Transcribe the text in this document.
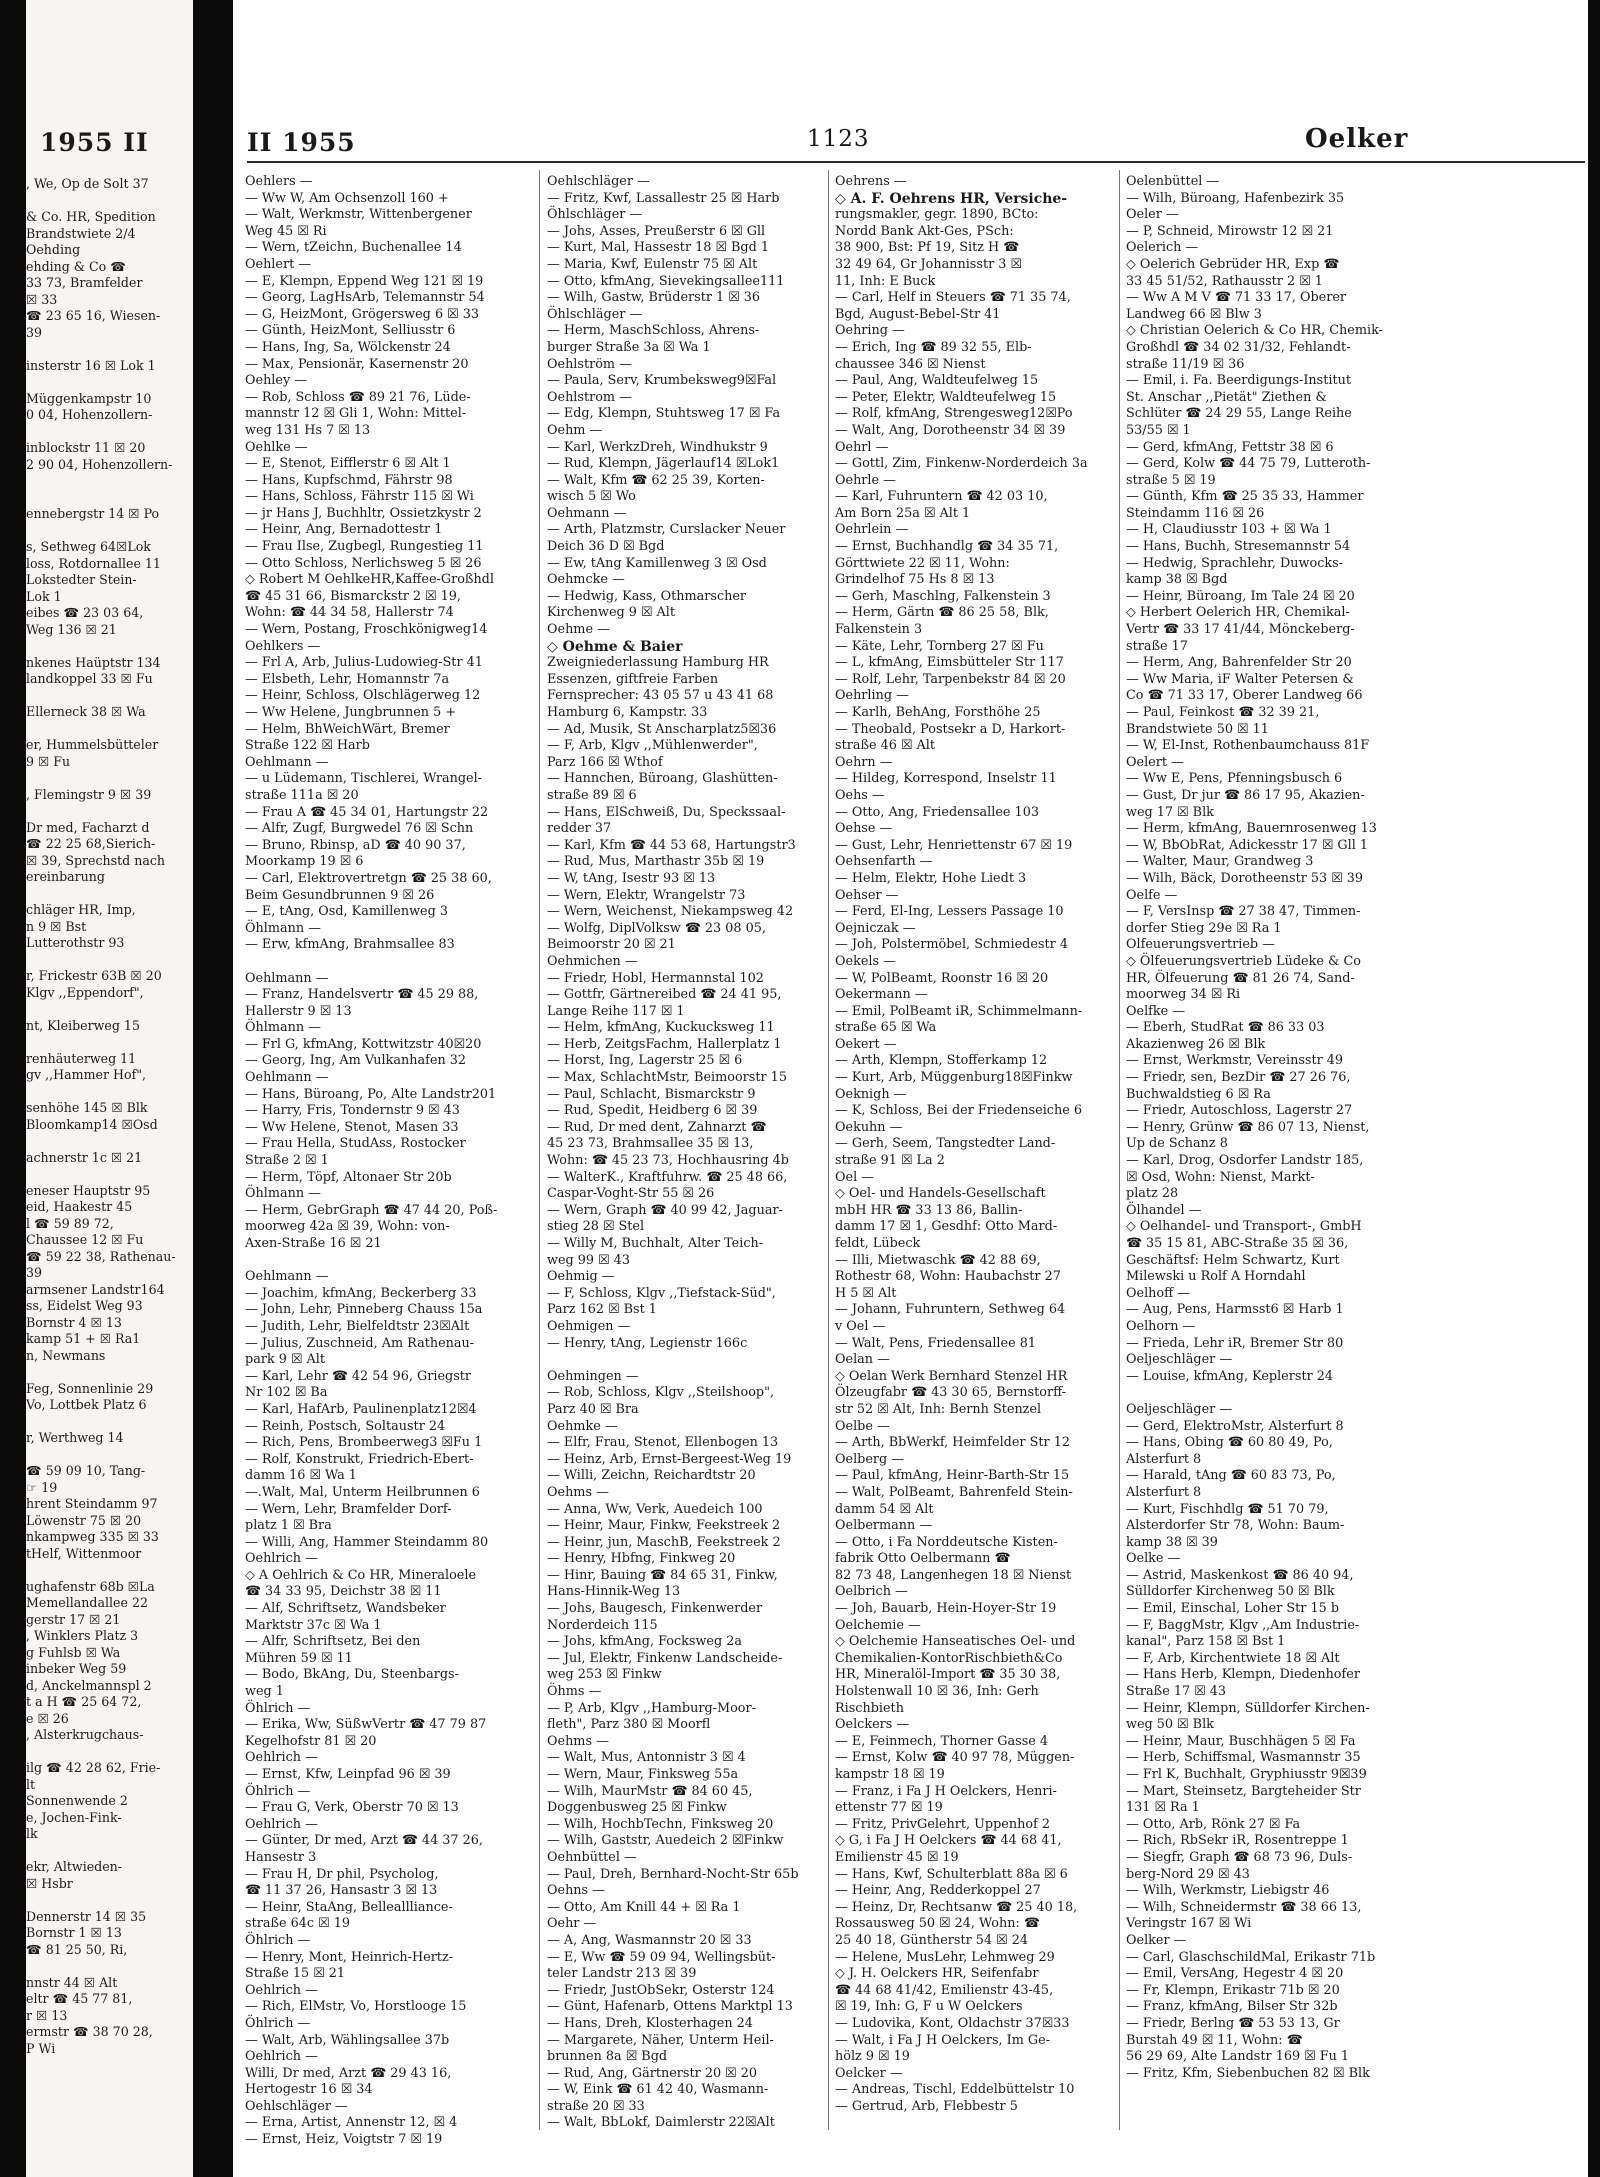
1955 II
, We, Op de Solt 37

& Co. HR, Spedition
Brandstwiete 2/4
Oehding
ehding & Co ☎
33 73, Bramfelder
☒ 33
☎ 23 65 16, Wiesen-
39

insterstr 16 ☒ Lok 1

Müggenkampstr 10
0 04, Hohenzollern-

inblockstr 11 ☒ 20
2 90 04, Hohenzollern-

ennebergstr 14 ☒ Po

s, Sethweg 64☒Lok
loss, Rotdornallee 11
Lokstedter Stein-
Lok 1
eibes ☎ 23 03 64,
Weg 136 ☒ 21

nkenes Haüptstr 134
landkoppel 33 ☒ Fu

Ellerneck 38 ☒ Wa

er, Hummelsbütteler
9 ☒ Fu

, Flemingstr 9 ☒ 39

Dr med, Facharzt d
☎ 22 25 68,Sierich-
☒ 39, Sprechstd nach
ereinbarung

chläger HR, Imp,
n 9 ☒ Bst
Lutterothstr 93

r, Frickestr 63B ☒ 20
Klgv ,,Eppendorf",

nt, Kleiberweg 15

renhäuterweg 11
gv ,,Hammer Hof",

senhöhe 145 ☒ Blk
Bloomkamp14 ☒Osd

achnerstr 1c ☒ 21

eneser Hauptstr 95
eid, Haakestr 45
l ☎ 59 89 72,
Chaussee 12 ☒ Fu
☎ 59 22 38, Rathenau-
39
armsener Landstr164
ss, Eidelst Weg 93
Bornstr 4 ☒ 13
kamp 51 + ☒ Ra1
n, Newmans

Feg, Sonnenlinie 29
Vo, Lottbek Platz 6

r, Werthweg 14

☎ 59 09 10, Tang-
☞ 19
hrent Steindamm 97
Löwenstr 75 ☒ 20
nkampweg 335 ☒ 33
tHelf, Wittenmoor

ughafenstr 68b ☒La
Memellandallee 22
gerstr 17 ☒ 21
, Winklers Platz 3
g Fuhlsb ☒ Wa
inbeker Weg 59
d, Anckelmannspl 2
t a H ☎ 25 64 72,
e ☒ 26
, Alsterkrugchaus-

ilg ☎ 42 28 62, Frie-
lt
Sonnenwende 2
e, Jochen-Fink-
lk

ekr, Altwieden-
☒ Hsbr

Dennerstr 14 ☒ 35
Bornstr 1 ☒ 13
☎ 81 25 50, Ri,

nnstr 44 ☒ Alt
eltr ☎ 45 77 81,
r ☒ 13
ermstr ☎ 38 70 28,
P Wi
II 1955	1123	Oelker
Oehlers —
— Ww W, Am Ochsenzoll 160 +
— Walt, Werkmstr, Wittenbergener
Weg 45 ☒ Ri
— Wern, tZeichn, Buchenallee 14
Oehlert —
— E, Klempn, Eppend Weg 121 ☒ 19
— Georg, LagHsArb, Telemannstr 54
— G, HeizMont, Grögersweg 6 ☒ 33
— Günth, HeizMont, Selliusstr 6
— Hans, Ing, Sa, Wölckenstr 24
— Max, Pensionär, Kasernenstr 20
Oehley —
— Rob, Schloss ☎ 89 21 76, Lüde-
mannstr 12 ☒ Gli 1, Wohn: Mittel-
weg 131 Hs 7 ☒ 13
Oehlke —
— E, Stenot, Eifflerstr 6 ☒ Alt 1
— Hans, Kupfschmd, Fährstr 98
— Hans, Schloss, Fährstr 115 ☒ Wi
— jr Hans J, Buchhltr, Ossietzkystr 2
— Heinr, Ang, Bernadottestr 1
— Frau Ilse, Zugbegl, Rungestieg 11
— Otto Schloss, Nerlichsweg 5 ☒ 26
◇ Robert M OehlkeHR,Kaffee-Großhdl
☎ 45 31 66, Bismarckstr 2 ☒ 19,
Wohn: ☎ 44 34 58, Hallerstr 74
— Wern, Postang, Froschkönigweg14
Oehlkers —
— Frl A, Arb, Julius-Ludowieg-Str 41
— Elsbeth, Lehr, Homannstr 7a
— Heinr, Schloss, Olschlägerweg 12
— Ww Helene, Jungbrunnen 5 +
— Helm, BhWeichWärt, Bremer
Straße 122 ☒ Harb
Oehlmann —
— u Lüdemann, Tischlerei, Wrangel-
straße 111a ☒ 20
— Frau A ☎ 45 34 01, Hartungstr 22
— Alfr, Zugf, Burgwedel 76 ☒ Schn
— Bruno, Rbinsp, aD ☎ 40 90 37,
Moorkamp 19 ☒ 6
— Carl, Elektrovertretgn ☎ 25 38 60,
Beim Gesundbrunnen 9 ☒ 26
— E, tAng, Osd, Kamillenweg 3
Öhlmann —
— Erw, kfmAng, Brahmsallee 83

Oehlmann —
— Franz, Handelsvertr ☎ 45 29 88,
Hallerstr 9 ☒ 13
Öhlmann —
— Frl G, kfmAng, Kottwitzstr 40☒20
— Georg, Ing, Am Vulkanhafen 32
Oehlmann —
— Hans, Büroang, Po, Alte Landstr201
— Harry, Fris, Tondernstr 9 ☒ 43
— Ww Helene, Stenot, Masen 33
— Frau Hella, StudAss, Rostocker
Straße 2 ☒ 1
— Herm, Töpf, Altonaer Str 20b
Öhlmann —
— Herm, GebrGraph ☎ 47 44 20, Poß-
moorweg 42a ☒ 39, Wohn: von-
Axen-Straße 16 ☒ 21

Oehlmann —
— Joachim, kfmAng, Beckerberg 33
— John, Lehr, Pinneberg Chauss 15a
— Judith, Lehr, Bielfeldtstr 23☒Alt
— Julius, Zuschneid, Am Rathenau-
park 9 ☒ Alt
— Karl, Lehr ☎ 42 54 96, Griegstr
Nr 102 ☒ Ba
— Karl, HafArb, Paulinenplatz12☒4
— Reinh, Postsch, Soltaustr 24
— Rich, Pens, Brombeerweg3 ☒Fu 1
— Rolf, Konstrukt, Friedrich-Ebert-
damm 16 ☒ Wa 1
—.Walt, Mal, Unterm Heilbrunnen 6
— Wern, Lehr, Bramfelder Dorf-
platz 1 ☒ Bra
— Willi, Ang, Hammer Steindamm 80
Oehlrich —
◇ A Oehlrich & Co HR, Mineraloele
☎ 34 33 95, Deichstr 38 ☒ 11
— Alf, Schriftsetz, Wandsbeker
Marktstr 37c ☒ Wa 1
— Alfr, Schriftsetz, Bei den
Mühren 59 ☒ 11
— Bodo, BkAng, Du, Steenbargs-
weg 1
Öhlrich —
— Erika, Ww, SüßwVertr ☎ 47 79 87
Kegelhofstr 81 ☒ 20
Oehlrich —
— Ernst, Kfw, Leinpfad 96 ☒ 39
Öhlrich —
— Frau G, Verk, Oberstr 70 ☒ 13
Oehlrich —
— Günter, Dr med, Arzt ☎ 44 37 26,
Hansestr 3
— Frau H, Dr phil, Psycholog,
☎ 11 37 26, Hansastr 3 ☒ 13
— Heinr, StaAng, Belleallliance-
straße 64c ☒ 19
Öhlrich —
— Henry, Mont, Heinrich-Hertz-
Straße 15 ☒ 21
Oehlrich —
— Rich, ElMstr, Vo, Horstlooge 15
Öhlrich —
— Walt, Arb, Wählingsallee 37b
Oehlrich —
Willi, Dr med, Arzt ☎ 29 43 16,
Hertogestr 16 ☒ 34
Oehlschläger —
— Erna, Artist, Annenstr 12, ☒ 4
— Ernst, Heiz, Voigtstr 7 ☒ 19
Oehlschläger —
— Fritz, Kwf, Lassallestr 25 ☒ Harb
Öhlschläger —
— Johs, Asses, Preußerstr 6 ☒ Gll
— Kurt, Mal, Hassestr 18 ☒ Bgd 1
— Maria, Kwf, Eulenstr 75 ☒ Alt
— Otto, kfmAng, Sievekingsallee111
— Wilh, Gastw, Brüderstr 1 ☒ 36
Öhlschläger —
— Herm, MaschSchloss, Ahrens-
burger Straße 3a ☒ Wa 1
Oehlström —
— Paula, Serv, Krumbeksweg9☒Fal
Oehlstrom —
— Edg, Klempn, Stuhtsweg 17 ☒ Fa
Oehm —
— Karl, WerkzDreh, Windhukstr 9
— Rud, Klempn, Jägerlauf14 ☒Lok1
— Walt, Kfm ☎ 62 25 39, Korten-
wisch 5 ☒ Wo
Oehmann —
— Arth, Platzmstr, Curslacker Neuer
Deich 36 D ☒ Bgd
— Ew, tAng Kamillenweg 3 ☒ Osd
Oehmcke —
— Hedwig, Kass, Othmarscher
Kirchenweg 9 ☒ Alt
Oehme —
◇ Oehme & Baier
Zweigniederlassung Hamburg HR
Essenzen, giftfreie Farben
Fernsprecher: 43 05 57 u 43 41 68
Hamburg 6, Kampstr. 33
— Ad, Musik, St Anscharplatz5☒36
— F, Arb, Klgv ,,Mühlenwerder",
Parz 166 ☒ Wthof
— Hannchen, Büroang, Glashütten-
straße 89 ☒ 6
— Hans, ElSchweiß, Du, Speckssaal-
redder 37
— Karl, Kfm ☎ 44 53 68, Hartungstr3
— Rud, Mus, Marthastr 35b ☒ 19
— W, tAng, Isestr 93 ☒ 13
— Wern, Elektr, Wrangelstr 73
— Wern, Weichenst, Niekampsweg 42
— Wolfg, DiplVolksw ☎ 23 08 05,
Beimoorstr 20 ☒ 21
Oehmichen —
— Friedr, Hobl, Hermannstal 102
— Gottfr, Gärtnereibed ☎ 24 41 95,
Lange Reihe 117 ☒ 1
— Helm, kfmAng, Kuckucksweg 11
— Herb, ZeitgsFachm, Hallerplatz 1
— Horst, Ing, Lagerstr 25 ☒ 6
— Max, SchlachtMstr, Beimoorstr 15
— Paul, Schlacht, Bismarckstr 9
— Rud, Spedit, Heidberg 6 ☒ 39
— Rud, Dr med dent, Zahnarzt ☎
45 23 73, Brahmsallee 35 ☒ 13,
Wohn: ☎ 45 23 73, Hochhausring 4b
— WalterK., Kraftfuhrw. ☎ 25 48 66,
Caspar-Voght-Str 55 ☒ 26
— Wern, Graph ☎ 40 99 42, Jaguar-
stieg 28 ☒ Stel
— Willy M, Buchhalt, Alter Teich-
weg 99 ☒ 43
Oehmig —
— F, Schloss, Klgv ,,Tiefstack-Süd",
Parz 162 ☒ Bst 1
Oehmigen —
— Henry, tAng, Legienstr 166c

Oehmingen —
— Rob, Schloss, Klgv ,,Steilshoop",
Parz 40 ☒ Bra
Oehmke —
— Elfr, Frau, Stenot, Ellenbogen 13
— Heinz, Arb, Ernst-Bergeest-Weg 19
— Willi, Zeichn, Reichardtstr 20
Oehms —
— Anna, Ww, Verk, Auedeich 100
— Heinr, Maur, Finkw, Feekstreek 2
— Heinr, jun, MaschB, Feekstreek 2
— Henry, Hbfng, Finkweg 20
— Hinr, Bauing ☎ 84 65 31, Finkw,
Hans-Hinnik-Weg 13
— Johs, Baugesch, Finkenwerder
Norderdeich 115
— Johs, kfmAng, Focksweg 2a
— Jul, Elektr, Finkenw Landscheide-
weg 253 ☒ Finkw
Öhms —
— P, Arb, Klgv ,,Hamburg-Moor-
fleth", Parz 380 ☒ Moorfl
Oehms —
— Walt, Mus, Antonnistr 3 ☒ 4
— Wern, Maur, Finksweg 55a
— Wilh, MaurMstr ☎ 84 60 45,
Doggenbusweg 25 ☒ Finkw
— Wilh, HochbTechn, Finksweg 20
— Wilh, Gaststr, Auedeich 2 ☒Finkw
Oehnbüttel —
— Paul, Dreh, Bernhard-Nocht-Str 65b
Oehns —
— Otto, Am Knill 44 + ☒ Ra 1
Oehr —
— A, Ang, Wasmannstr 20 ☒ 33
— E, Ww ☎ 59 09 94, Wellingsbüt-
teler Landstr 213 ☒ 39
— Friedr, JustObSekr, Osterstr 124
— Günt, Hafenarb, Ottens Marktpl 13
— Hans, Dreh, Klosterhagen 24
— Margarete, Näher, Unterm Heil-
brunnen 8a ☒ Bgd
— Rud, Ang, Gärtnerstr 20 ☒ 20
— W, Eink ☎ 61 42 40, Wasmann-
straße 20 ☒ 33
— Walt, BbLokf, Daimlerstr 22☒Alt
Oehrens —
◇ A. F. Oehrens HR, Versiche-
rungsmakler, gegr. 1890, BCto:
Nordd Bank Akt-Ges, PSch:
38 900, Bst: Pf 19, Sitz H ☎
32 49 64, Gr Johannisstr 3 ☒
11, Inh: E Buck
— Carl, Helf in Steuers ☎ 71 35 74,
Bgd, August-Bebel-Str 41
Oehring —
— Erich, Ing ☎ 89 32 55, Elb-
chaussee 346 ☒ Nienst
— Paul, Ang, Waldteufelweg 15
— Peter, Elektr, Waldteufelweg 15
— Rolf, kfmAng, Strengesweg12☒Po
— Walt, Ang, Dorotheenstr 34 ☒ 39
Oehrl —
— Gottl, Zim, Finkenw-Norderdeich 3a
Oehrle —
— Karl, Fuhruntern ☎ 42 03 10,
Am Born 25a ☒ Alt 1
Oehrlein —
— Ernst, Buchhandlg ☎ 34 35 71,
Görttwiete 22 ☒ 11, Wohn:
Grindelhof 75 Hs 8 ☒ 13
— Gerh, Maschlng, Falkenstein 3
— Herm, Gärtn ☎ 86 25 58, Blk,
Falkenstein 3
— Käte, Lehr, Tornberg 27 ☒ Fu
— L, kfmAng, Eimsbütteler Str 117
— Rolf, Lehr, Tarpenbekstr 84 ☒ 20
Oehrling —
— Karlh, BehAng, Forsthöhe 25
— Theobald, Postsekr a D, Harkort-
straße 46 ☒ Alt
Oehrn —
— Hildeg, Korrespond, Inselstr 11
Oehs —
— Otto, Ang, Friedensallee 103
Oehse —
— Gust, Lehr, Henriettenstr 67 ☒ 19
Oehsenfarth —
— Helm, Elektr, Hohe Liedt 3
Oehser —
— Ferd, El-Ing, Lessers Passage 10
Oejniczak —
— Joh, Polstermöbel, Schmiedestr 4
Oekels —
— W, PolBeamt, Roonstr 16 ☒ 20
Oekermann —
— Emil, PolBeamt iR, Schimmelmann-
straße 65 ☒ Wa
Oekert —
— Arth, Klempn, Stofferkamp 12
— Kurt, Arb, Müggenburg18☒Finkw
Oeknigh —
— K, Schloss, Bei der Friedenseiche 6
Oekuhn —
— Gerh, Seem, Tangstedter Land-
straße 91 ☒ La 2
Oel —
◇ Oel- und Handels-Gesellschaft
mbH HR ☎ 33 13 86, Ballin-
damm 17 ☒ 1, Gesdhf: Otto Mard-
feldt, Lübeck
— Illi, Mietwaschk ☎ 42 88 69,
Rothestr 68, Wohn: Haubachstr 27
H 5 ☒ Alt
— Johann, Fuhruntern, Sethweg 64
v Oel —
— Walt, Pens, Friedensallee 81
Oelan —
◇ Oelan Werk Bernhard Stenzel HR
Ölzeugfabr ☎ 43 30 65, Bernstorff-
str 52 ☒ Alt, Inh: Bernh Stenzel
Oelbe —
— Arth, BbWerkf, Heimfelder Str 12
Oelberg —
— Paul, kfmAng, Heinr-Barth-Str 15
— Walt, PolBeamt, Bahrenfeld Stein-
damm 54 ☒ Alt
Oelbermann —
— Otto, i Fa Norddeutsche Kisten-
fabrik Otto Oelbermann ☎
82 73 48, Langenhegen 18 ☒ Nienst
Oelbrich —
— Joh, Bauarb, Hein-Hoyer-Str 19
Oelchemie —
◇ Oelchemie Hanseatisches Oel- und
Chemikalien-KontorRischbieth&Co
HR, Mineralöl-Import ☎ 35 30 38,
Holstenwall 10 ☒ 36, Inh: Gerh
Rischbieth
Oelckers —
— E, Feinmech, Thorner Gasse 4
— Ernst, Kolw ☎ 40 97 78, Müggen-
kampstr 18 ☒ 19
— Franz, i Fa J H Oelckers, Henri-
ettenstr 77 ☒ 19
— Fritz, PrivGelehrt, Uppenhof 2
◇ G, i Fa J H Oelckers ☎ 44 68 41,
Emilienstr 45 ☒ 19
— Hans, Kwf, Schulterblatt 88a ☒ 6
— Heinr, Ang, Redderkoppel 27
— Heinz, Dr, Rechtsanw ☎ 25 40 18,
Rossausweg 50 ☒ 24, Wohn: ☎
25 40 18, Güntherstr 54 ☒ 24
— Helene, MusLehr, Lehmweg 29
◇ J. H. Oelckers HR, Seifenfabr
☎ 44 68 41/42, Emilienstr 43-45,
☒ 19, Inh: G, F u W Oelckers
— Ludovika, Kont, Oldachstr 37☒33
— Walt, i Fa J H Oelckers, Im Ge-
hölz 9 ☒ 19
Oelcker —
— Andreas, Tischl, Eddelbüttelstr 10
— Gertrud, Arb, Flebbestr 5
Oelenbüttel —
— Wilh, Büroang, Hafenbezirk 35
Oeler —
— P, Schneid, Mirowstr 12 ☒ 21
Oelerich —
◇ Oelerich Gebrüder HR, Exp ☎
33 45 51/52, Rathausstr 2 ☒ 1
— Ww A M V ☎ 71 33 17, Oberer
Landweg 66 ☒ Blw 3
◇ Christian Oelerich & Co HR, Chemik-
Großhdl ☎ 34 02 31/32, Fehlandt-
straße 11/19 ☒ 36
— Emil, i. Fa. Beerdigungs-Institut
St. Anschar ,,Pietät" Ziethen &
Schlüter ☎ 24 29 55, Lange Reihe
53/55 ☒ 1
— Gerd, kfmAng, Fettstr 38 ☒ 6
— Gerd, Kolw ☎ 44 75 79, Lutteroth-
straße 5 ☒ 19
— Günth, Kfm ☎ 25 35 33, Hammer
Steindamm 116 ☒ 26
— H, Claudiusstr 103 + ☒ Wa 1
— Hans, Buchh, Stresemannstr 54
— Hedwig, Sprachlehr, Duwocks-
kamp 38 ☒ Bgd
— Heinr, Büroang, Im Tale 24 ☒ 20
◇ Herbert Oelerich HR, Chemikal-
Vertr ☎ 33 17 41/44, Mönckeberg-
straße 17
— Herm, Ang, Bahrenfelder Str 20
— Ww Maria, iF Walter Petersen &
Co ☎ 71 33 17, Oberer Landweg 66
— Paul, Feinkost ☎ 32 39 21,
Brandstwiete 50 ☒ 11
— W, El-Inst, Rothenbaumchauss 81F
Oelert —
— Ww E, Pens, Pfenningsbusch 6
— Gust, Dr jur ☎ 86 17 95, Akazien-
weg 17 ☒ Blk
— Herm, kfmAng, Bauernrosenweg 13
— W, BbObRat, Adickesstr 17 ☒ Gll 1
— Walter, Maur, Grandweg 3
— Wilh, Bäck, Dorotheenstr 53 ☒ 39
Oelfe —
— F, VersInsp ☎ 27 38 47, Timmen-
dorfer Stieg 29e ☒ Ra 1
Olfeuerungsvertrieb —
◇ Ölfeuerungsvertrieb Lüdeke & Co
HR, Ölfeuerung ☎ 81 26 74, Sand-
moorweg 34 ☒ Ri
Oelfke —
— Eberh, StudRat ☎ 86 33 03
Akazienweg 26 ☒ Blk
— Ernst, Werkmstr, Vereinsstr 49
— Friedr, sen, BezDir ☎ 27 26 76,
Buchwaldstieg 6 ☒ Ra
— Friedr, Autoschloss, Lagerstr 27
— Henry, Grünw ☎ 86 07 13, Nienst,
Up de Schanz 8
— Karl, Drog, Osdorfer Landstr 185,
☒ Osd, Wohn: Nienst, Markt-
platz 28
Ölhandel —
◇ Oelhandel- und Transport-, GmbH
☎ 35 15 81, ABC-Straße 35 ☒ 36,
Geschäftsf: Helm Schwartz, Kurt
Milewski u Rolf A Horndahl
Oelhoff —
— Aug, Pens, Harmsst6 ☒ Harb 1
Oelhorn —
— Frieda, Lehr iR, Bremer Str 80
Oeljeschläger —
— Louise, kfmAng, Keplerstr 24

Oeljeschläger —
— Gerd, ElektroMstr, Alsterfurt 8
— Hans, Obing ☎ 60 80 49, Po,
Alsterfurt 8
— Harald, tAng ☎ 60 83 73, Po,
Alsterfurt 8
— Kurt, Fischhdlg ☎ 51 70 79,
Alsterdorfer Str 78, Wohn: Baum-
kamp 38 ☒ 39
Oelke —
— Astrid, Maskenkost ☎ 86 40 94,
Sülldorfer Kirchenweg 50 ☒ Blk
— Emil, Einschal, Loher Str 15 b
— F, BaggMstr, Klgv ,,Am Industrie-
kanal", Parz 158 ☒ Bst 1
— F, Arb, Kirchentwiete 18 ☒ Alt
— Hans Herb, Klempn, Diedenhofer
Straße 17 ☒ 43
— Heinr, Klempn, Sülldorfer Kirchen-
weg 50 ☒ Blk
— Heinr, Maur, Buschhägen 5 ☒ Fa
— Herb, Schiffsmal, Wasmannstr 35
— Frl K, Buchhalt, Gryphiusstr 9☒39
— Mart, Steinsetz, Bargteheider Str
131 ☒ Ra 1
— Otto, Arb, Rönk 27 ☒ Fa
— Rich, RbSekr iR, Rosentreppe 1
— Siegfr, Graph ☎ 68 73 96, Duls-
berg-Nord 29 ☒ 43
— Wilh, Werkmstr, Liebigstr 46
— Wilh, Schneidermstr ☎ 38 66 13,
Veringstr 167 ☒ Wi
Oelker —
— Carl, GlaschschildMal, Erikastr 71b
— Emil, VersAng, Hegestr 4 ☒ 20
— Fr, Klempn, Erikastr 71b ☒ 20
— Franz, kfmAng, Bilser Str 32b
— Friedr, Berlng ☎ 53 53 13, Gr
Burstah 49 ☒ 11, Wohn: ☎
56 29 69, Alte Landstr 169 ☒ Fu 1
— Fritz, Kfm, Siebenbuchen 82 ☒ Blk
